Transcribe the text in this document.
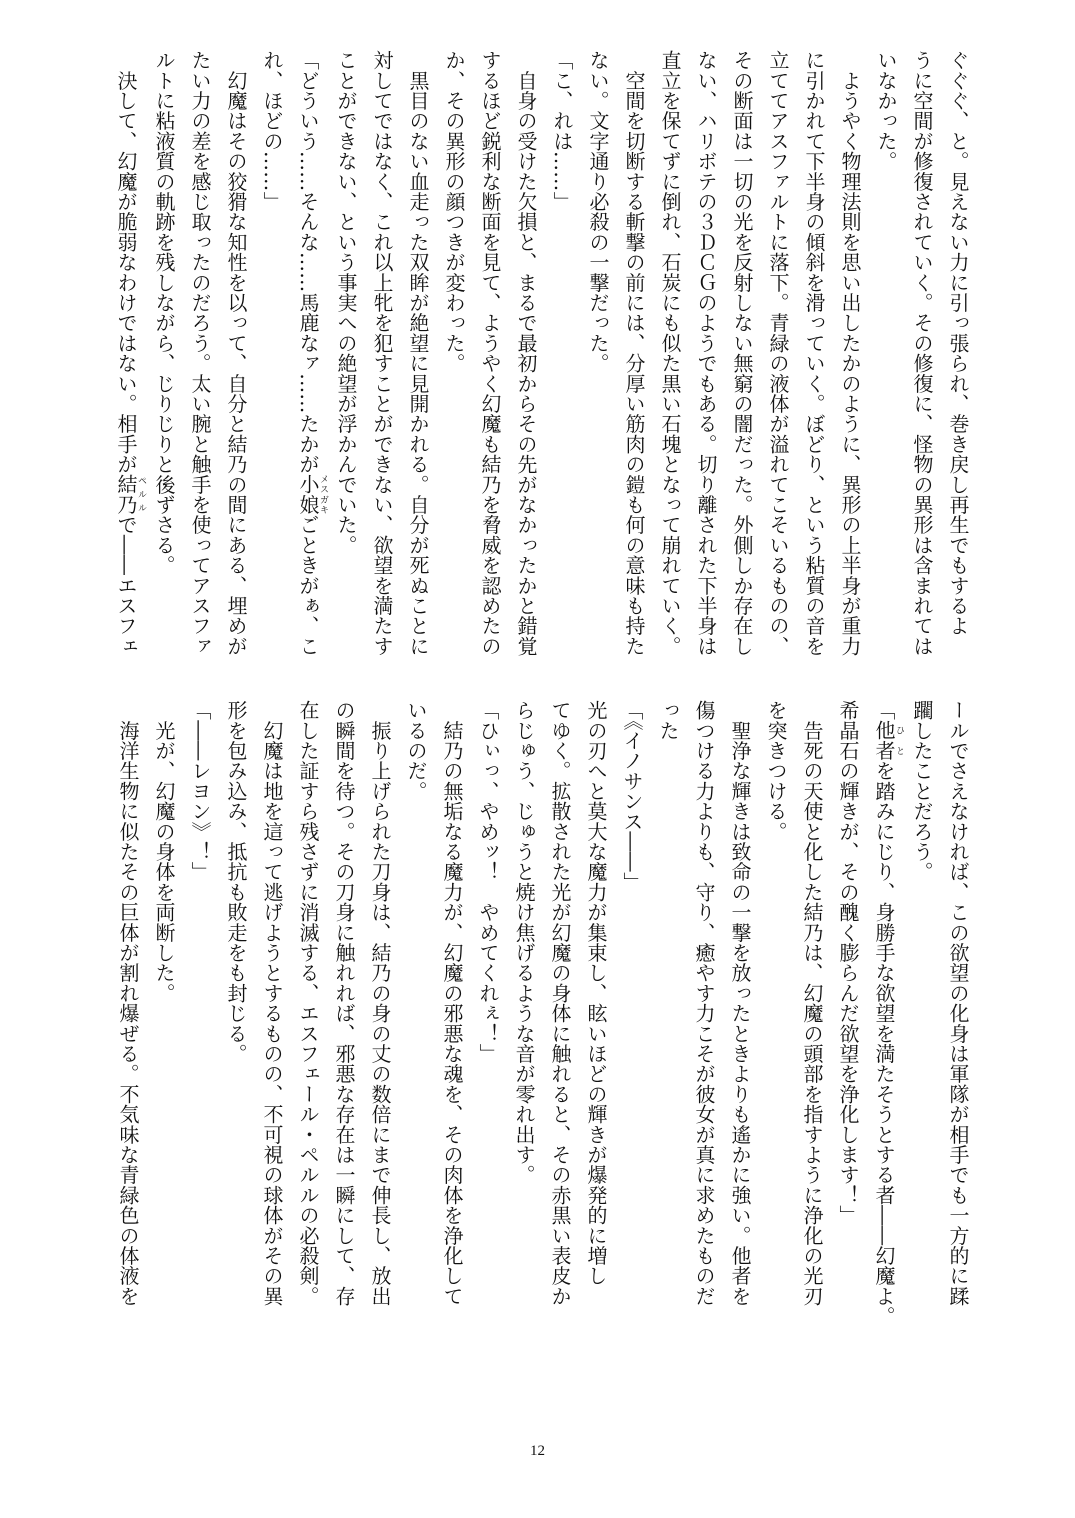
ぐぐぐ、と。見えない力に引っ張られ、巻き戻し再生でもするよ
うに空間が修復されていく。その修復に、怪物の異形は含まれては
いなかった。
　ようやく物理法則を思い出したかのように、異形の上半身が重力
に引かれて下半身の傾斜を滑っていく。ぼどり、という粘質の音を
立ててアスファルトに落下。青緑の液体が溢れてこそいるものの、
その断面は一切の光を反射しない無窮の闇だった。外側しか存在し
ない、ハリボテの３ＤＣＧのようでもある。切り離された下半身は
直立を保てずに倒れ、石炭にも似た黒い石塊となって崩れていく。
　空間を切断する斬撃の前には、分厚い筋肉の鎧も何の意味も持た
ない。文字通り必殺の一撃だった。
「こ、れは……」
　自身の受けた欠損と、まるで最初からその先がなかったかと錯覚
するほど鋭利な断面を見て、ようやく幻魔も結乃を脅威を認めたの
か、その異形の顔つきが変わった。
　黒目のない血走った双眸が絶望に見開かれる。自分が死ぬことに
対してではなく、これ以上牝を犯すことができない、欲望を満たす
ことができない、という事実への絶望が浮かんでいた。
「どういう……そんな……馬鹿なァ……たかが小娘メスガキごときがぁ、こ
れ、ほどの……」
　幻魔はその狡猾な知性を以って、自分と結乃の間にある、埋めが
たい力の差を感じ取ったのだろう。太い腕と触手を使ってアスファ
ルトに粘液質の軌跡を残しながら、じりじりと後ずさる。
　決して、幻魔が脆弱なわけではない。相手が結乃ペルルで――エスフェ
ールでさえなければ、この欲望の化身は軍隊が相手でも一方的に蹂
躙したことだろう。
「他者ひとを踏みにじり、身勝手な欲望を満たそうとする者――幻魔よ。
希晶石の輝きが、その醜く膨らんだ欲望を浄化します！」
　告死の天使と化した結乃は、幻魔の頭部を指すように浄化の光刃
を突きつける。
　聖浄な輝きは致命の一撃を放ったときよりも遙かに強い。他者を
傷つける力よりも、守り、癒やす力こそが彼女が真に求めたものだ
った
「《イノサンス――」
光の刃へと莫大な魔力が集束し、眩いほどの輝きが爆発的に増し
てゆく。拡散された光が幻魔の身体に触れると、その赤黒い表皮か
らじゅう、じゅうと焼け焦げるような音が零れ出す。
「ひぃっ、やめッ！　やめてくれぇ！」
　結乃の無垢なる魔力が、幻魔の邪悪な魂を、その肉体を浄化して
いるのだ。
　振り上げられた刀身は、結乃の身の丈の数倍にまで伸長し、放出
の瞬間を待つ。その刀身に触れれば、邪悪な存在は一瞬にして、存
在した証すら残さずに消滅する、エスフェール・ペルルの必殺剣。
　幻魔は地を這って逃げようとするものの、不可視の球体がその異
形を包み込み、抵抗も敗走をも封じる。
「――レヨン》！」
　光が、幻魔の身体を両断した。
　海洋生物に似たその巨体が割れ爆ぜる。不気味な青緑色の体液を
12
